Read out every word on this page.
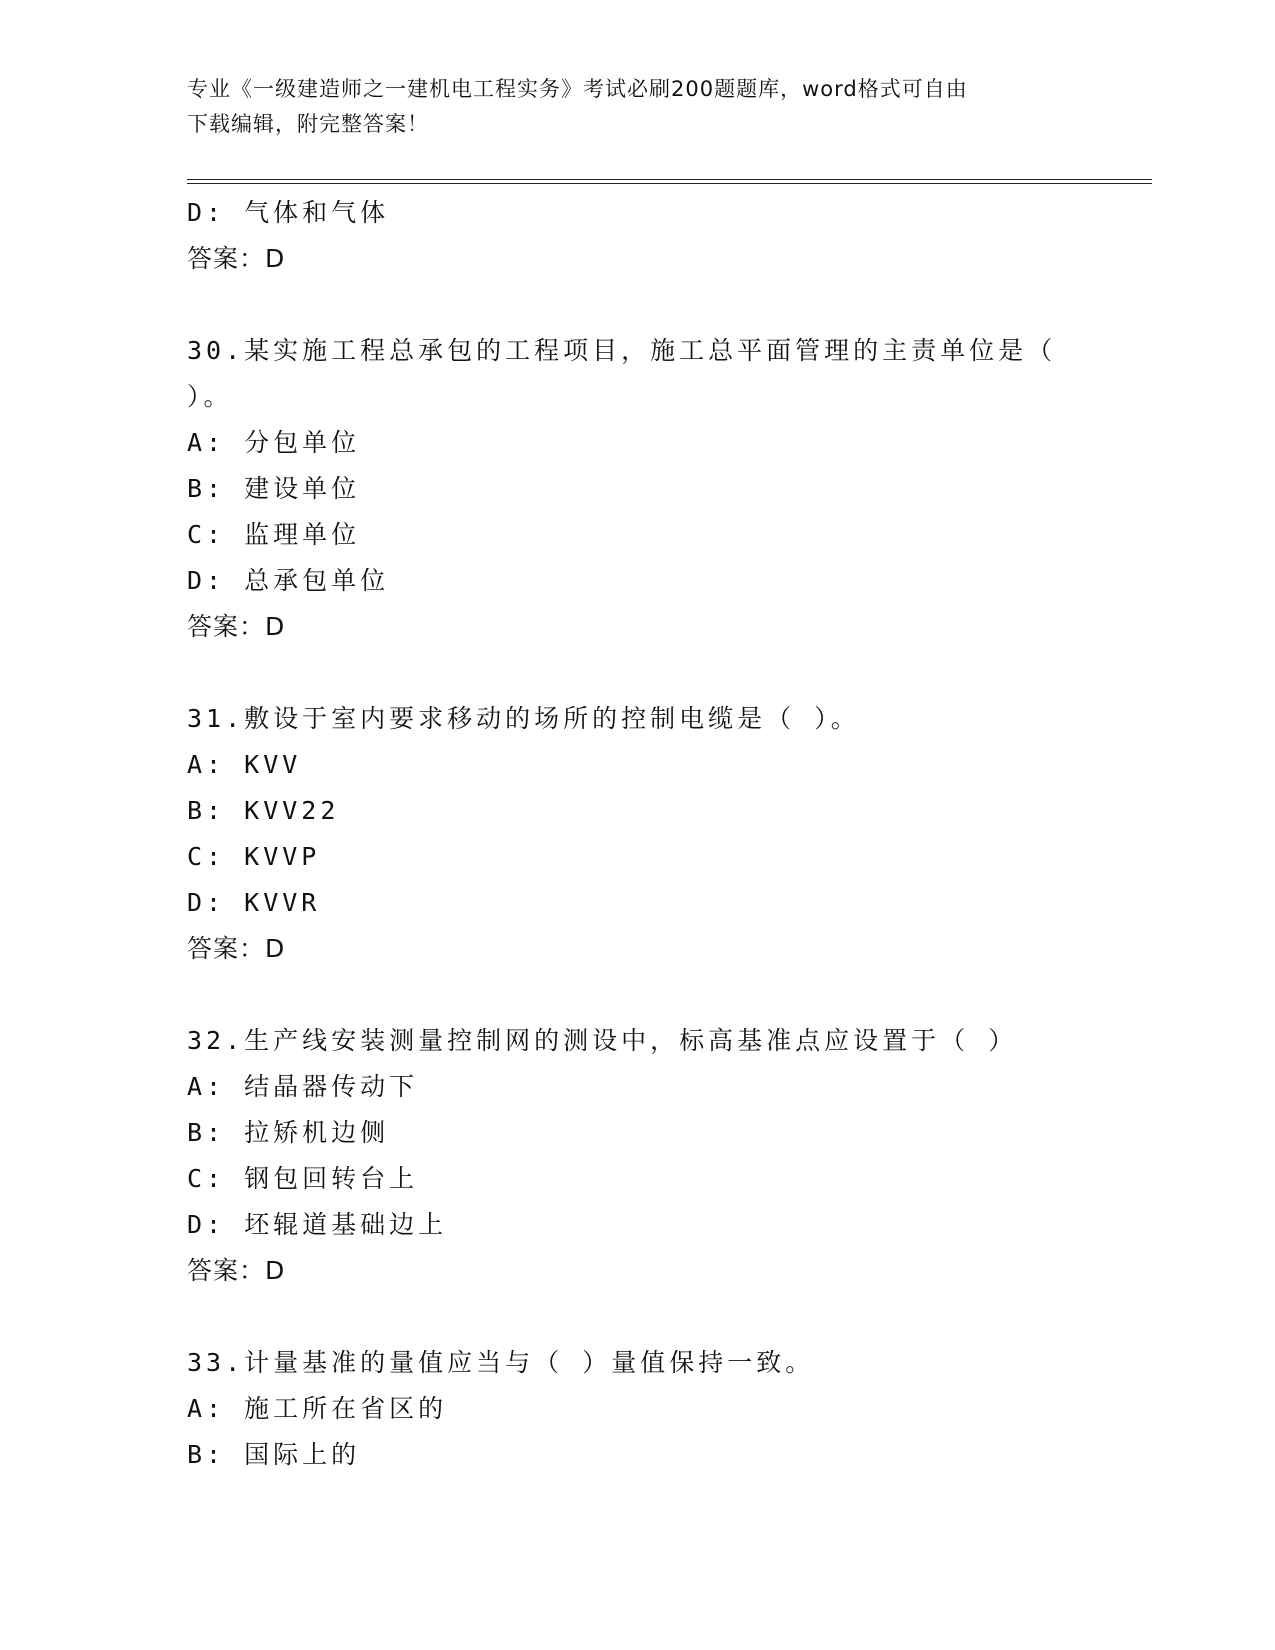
专业《一级建造师之一建机电工程实务》考试必刷200题题库，word格式可自由
下载编辑，附完整答案！
D: 气体和气体
答案：D
30.某实施工程总承包的工程项目，施工总平面管理的主责单位是（
）。
A: 分包单位
B: 建设单位
C: 监理单位
D: 总承包单位
答案：D
31.敷设于室内要求移动的场所的控制电缆是（ ）。
A: KVV
B: KVV22
C: KVVP
D: KVVR
答案：D
32.生产线安装测量控制网的测设中，标高基准点应设置于（ ）
A: 结晶器传动下
B: 拉矫机边侧
C: 钢包回转台上
D: 坯辊道基础边上
答案：D
33.计量基准的量值应当与（ ）量值保持一致。
A: 施工所在省区的
B: 国际上的
